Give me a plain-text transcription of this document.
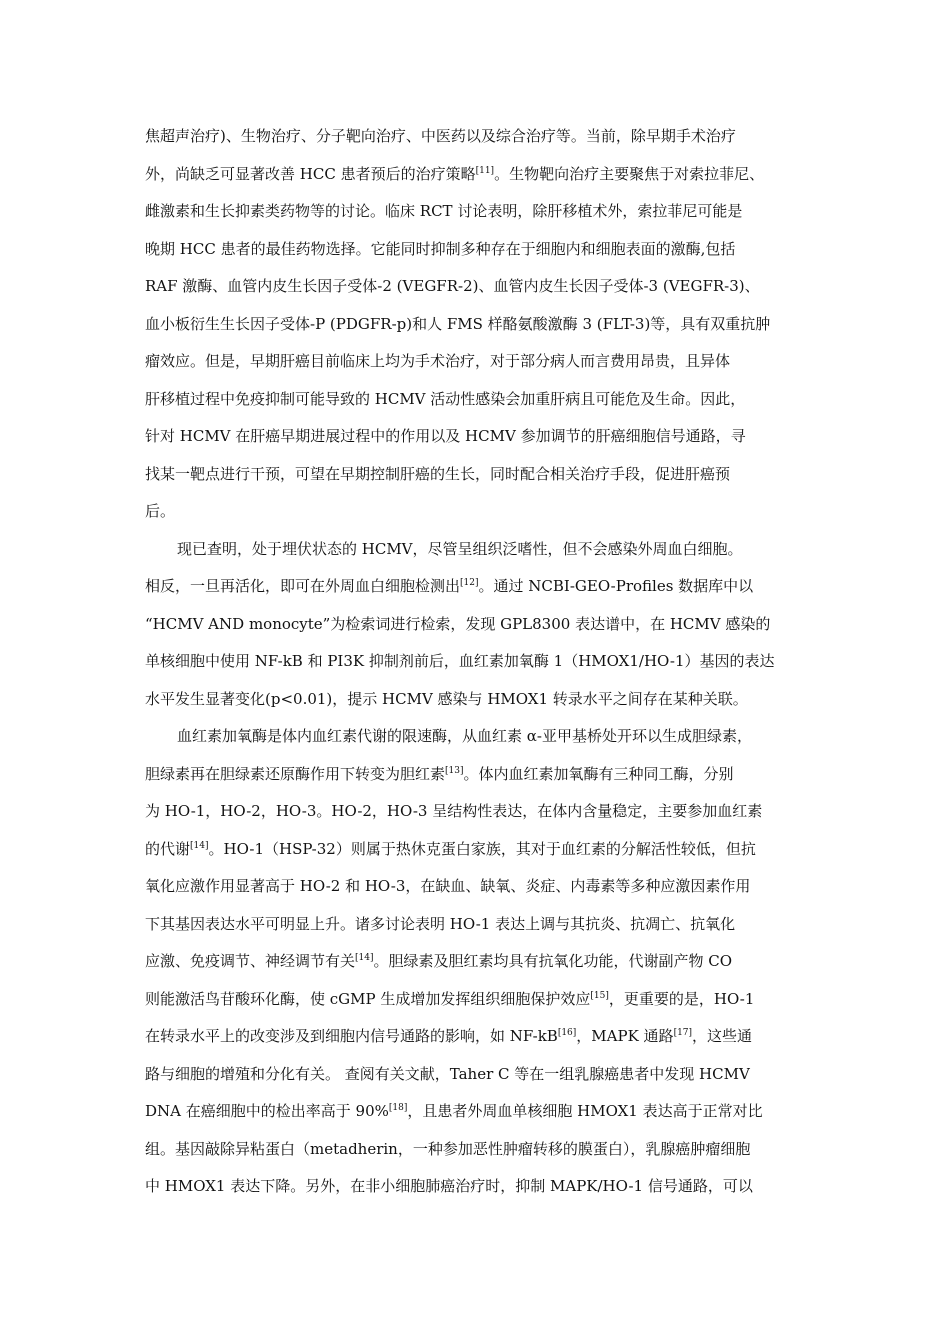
焦超声治疗)、生物治疗、分子靶向治疗、中医药以及综合治疗等。当前，除早期手术治疗
外，尚缺乏可显著改善 HCC 患者预后的治疗策略[11]。生物靶向治疗主要聚焦于对索拉菲尼、
雌激素和生长抑素类药物等的讨论。临床 RCT 讨论表明，除肝移植术外，索拉菲尼可能是
晚期 HCC 患者的最佳药物选择。它能同时抑制多种存在于细胞内和细胞表面的激酶,包括
RAF 激酶、血管内皮生长因子受体-2 (VEGFR-2)、血管内皮生长因子受体-3 (VEGFR-3)、
血小板衍生生长因子受体-P (PDGFR-p)和人 FMS 样酪氨酸激酶 3 (FLT-3)等，具有双重抗肿
瘤效应。但是，早期肝癌目前临床上均为手术治疗，对于部分病人而言费用昂贵，且异体
肝移植过程中免疫抑制可能导致的 HCMV 活动性感染会加重肝病且可能危及生命。因此，
针对 HCMV 在肝癌早期进展过程中的作用以及 HCMV 参加调节的肝癌细胞信号通路，寻
找某一靶点进行干预，可望在早期控制肝癌的生长，同时配合相关治疗手段，促进肝癌预
后。
现已查明，处于埋伏状态的 HCMV，尽管呈组织泛嗜性，但不会感染外周血白细胞。
相反，一旦再活化，即可在外周血白细胞检测出[12]。通过 NCBI-GEO-Profiles 数据库中以
“HCMV AND monocyte”为检索词进行检索，发现 GPL8300 表达谱中，在 HCMV 感染的
单核细胞中使用 NF-kB 和 PI3K 抑制剂前后，血红素加氧酶 1（HMOX1/HO-1）基因的表达
水平发生显著变化(p<0.01)，提示 HCMV 感染与 HMOX1 转录水平之间存在某种关联。
血红素加氧酶是体内血红素代谢的限速酶，从血红素 α-亚甲基桥处开环以生成胆绿素，
胆绿素再在胆绿素还原酶作用下转变为胆红素[13]。体内血红素加氧酶有三种同工酶，分别
为 HO-1，HO-2，HO-3。HO-2，HO-3 呈结构性表达，在体内含量稳定，主要参加血红素
的代谢[14]。HO-1（HSP-32）则属于热休克蛋白家族，其对于血红素的分解活性较低，但抗
氧化应激作用显著高于 HO-2 和 HO-3，在缺血、缺氧、炎症、内毒素等多种应激因素作用
下其基因表达水平可明显上升。诸多讨论表明 HO-1 表达上调与其抗炎、抗凋亡、抗氧化
应激、免疫调节、神经调节有关[14]。胆绿素及胆红素均具有抗氧化功能，代谢副产物 CO
则能激活鸟苷酸环化酶，使 cGMP 生成增加发挥组织细胞保护效应[15]，更重要的是，HO-1
在转录水平上的改变涉及到细胞内信号通路的影响，如 NF-kB[16]，MAPK 通路[17]，这些通
路与细胞的增殖和分化有关。 查阅有关文献，Taher C 等在一组乳腺癌患者中发现 HCMV
DNA 在癌细胞中的检出率高于 90%[18]，且患者外周血单核细胞 HMOX1 表达高于正常对比
组。基因敲除异粘蛋白（metadherin，一种参加恶性肿瘤转移的膜蛋白），乳腺癌肿瘤细胞
中 HMOX1 表达下降。另外，在非小细胞肺癌治疗时，抑制 MAPK/HO-1 信号通路，可以
